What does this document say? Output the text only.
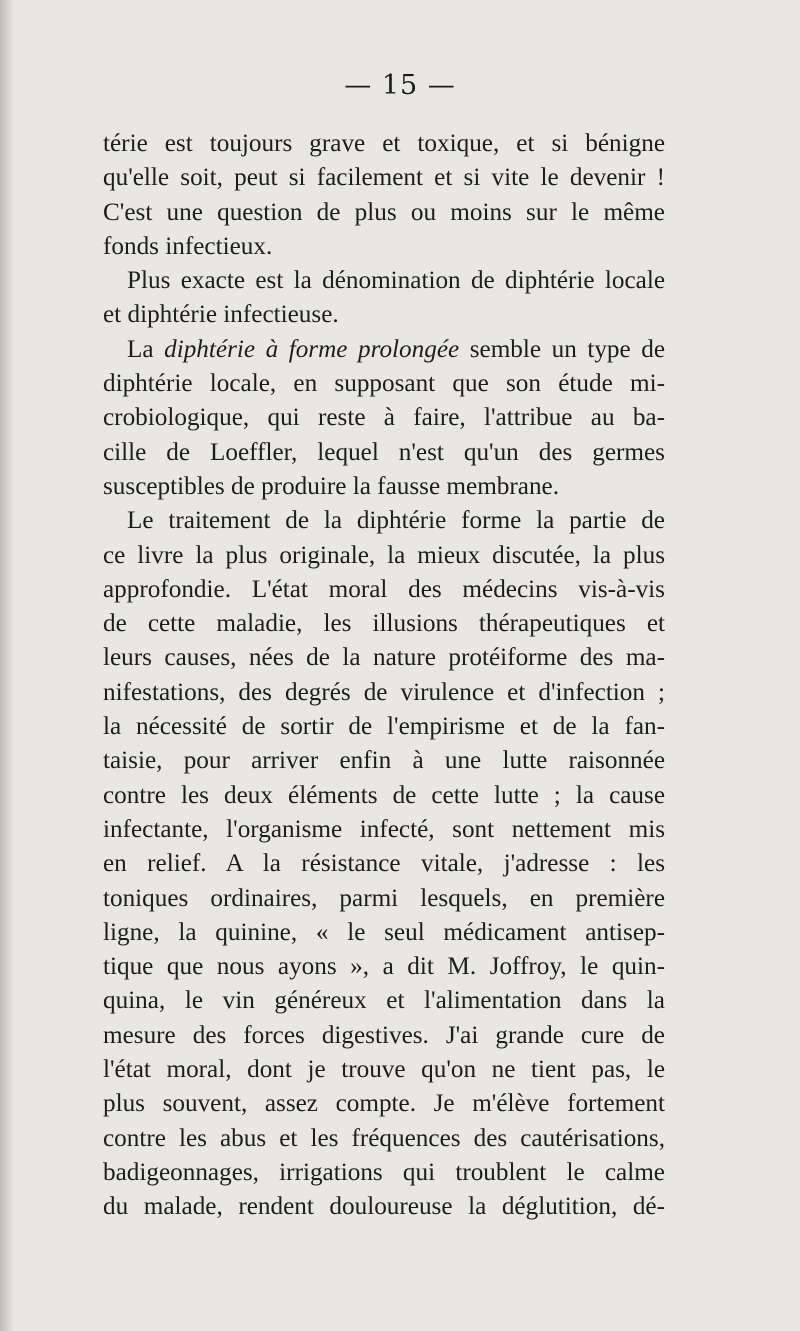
— 15 —
térie est toujours grave et toxique, et si bénigne
qu'elle soit, peut si facilement et si vite le devenir !
C'est une question de plus ou moins sur le même
fonds infectieux.
Plus exacte est la dénomination de diphtérie locale
et diphtérie infectieuse.
La diphtérie à forme prolongée semble un type de
diphtérie locale, en supposant que son étude mi-
crobiologique, qui reste à faire, l'attribue au ba-
cille de Loeffler, lequel n'est qu'un des germes
susceptibles de produire la fausse membrane.
Le traitement de la diphtérie forme la partie de
ce livre la plus originale, la mieux discutée, la plus
approfondie. L'état moral des médecins vis-à-vis
de cette maladie, les illusions thérapeutiques et
leurs causes, nées de la nature protéiforme des ma-
nifestations, des degrés de virulence et d'infection ;
la nécessité de sortir de l'empirisme et de la fan-
taisie, pour arriver enfin à une lutte raisonnée
contre les deux éléments de cette lutte ; la cause
infectante, l'organisme infecté, sont nettement mis
en relief. A la résistance vitale, j'adresse : les
toniques ordinaires, parmi lesquels, en première
ligne, la quinine, « le seul médicament antisep-
tique que nous ayons », a dit M. Joffroy, le quin-
quina, le vin généreux et l'alimentation dans la
mesure des forces digestives. J'ai grande cure de
l'état moral, dont je trouve qu'on ne tient pas, le
plus souvent, assez compte. Je m'élève fortement
contre les abus et les fréquences des cautérisations,
badigeonnages, irrigations qui troublent le calme
du malade, rendent douloureuse la déglutition, dé-
